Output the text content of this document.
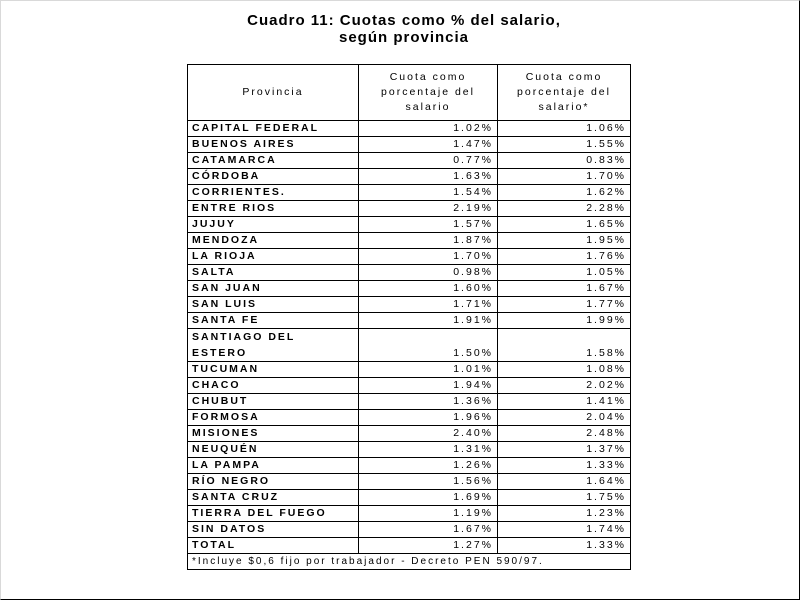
Cuadro 11: Cuotas como % del salario,
según provincia
Provincia	Cuota como porcentaje del salario	Cuota como porcentaje del salario*
CAPITAL FEDERAL	1.02%	1.06%
BUENOS AIRES	1.47%	1.55%
CATAMARCA	0.77%	0.83%
CÓRDOBA	1.63%	1.70%
CORRIENTES.	1.54%	1.62%
ENTRE RIOS	2.19%	2.28%
JUJUY	1.57%	1.65%
MENDOZA	1.87%	1.95%
LA RIOJA	1.70%	1.76%
SALTA	0.98%	1.05%
SAN JUAN	1.60%	1.67%
SAN LUIS	1.71%	1.77%
SANTA FE	1.91%	1.99%
SANTIAGO DEL ESTERO	1.50%	1.58%
TUCUMAN	1.01%	1.08%
CHACO	1.94%	2.02%
CHUBUT	1.36%	1.41%
FORMOSA	1.96%	2.04%
MISIONES	2.40%	2.48%
NEUQUÉN	1.31%	1.37%
LA PAMPA	1.26%	1.33%
RÍO NEGRO	1.56%	1.64%
SANTA CRUZ	1.69%	1.75%
TIERRA DEL FUEGO	1.19%	1.23%
SIN DATOS	1.67%	1.74%
TOTAL	1.27%	1.33%
*Incluye $0,6 fijo por trabajador - Decreto PEN 590/97.		
